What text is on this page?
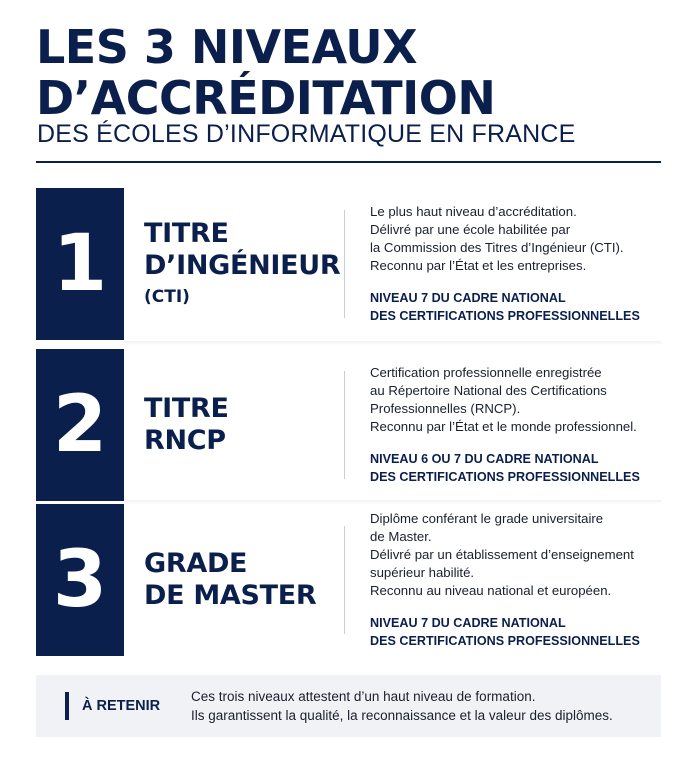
LES 3 NIVEAUX
D’ACCRÉDITATION
DES ÉCOLES D’INFORMATIQUE EN FRANCE
1	TITRE
D’INGÉNIEUR
(CTI)
Le plus haut niveau d’accréditation.
Délivré par une école habilitée par
la Commission des Titres d’Ingénieur (CTI).
Reconnu par l’État et les entreprises.
NIVEAU 7 DU CADRE NATIONAL
DES CERTIFICATIONS PROFESSIONNELLES
2	TITRE
RNCP
Certification professionnelle enregistrée
au Répertoire National des Certifications
Professionnelles (RNCP).
Reconnu par l’État et le monde professionnel.
NIVEAU 6 OU 7 DU CADRE NATIONAL
DES CERTIFICATIONS PROFESSIONNELLES
3	GRADE
DE MASTER
Diplôme conférant le grade universitaire
de Master.
Délivré par un établissement d’enseignement
supérieur habilité.
Reconnu au niveau national et européen.
NIVEAU 7 DU CADRE NATIONAL
DES CERTIFICATIONS PROFESSIONNELLES
À RETENIR
Ces trois niveaux attestent d’un haut niveau de formation.
Ils garantissent la qualité, la reconnaissance et la valeur des diplômes.
